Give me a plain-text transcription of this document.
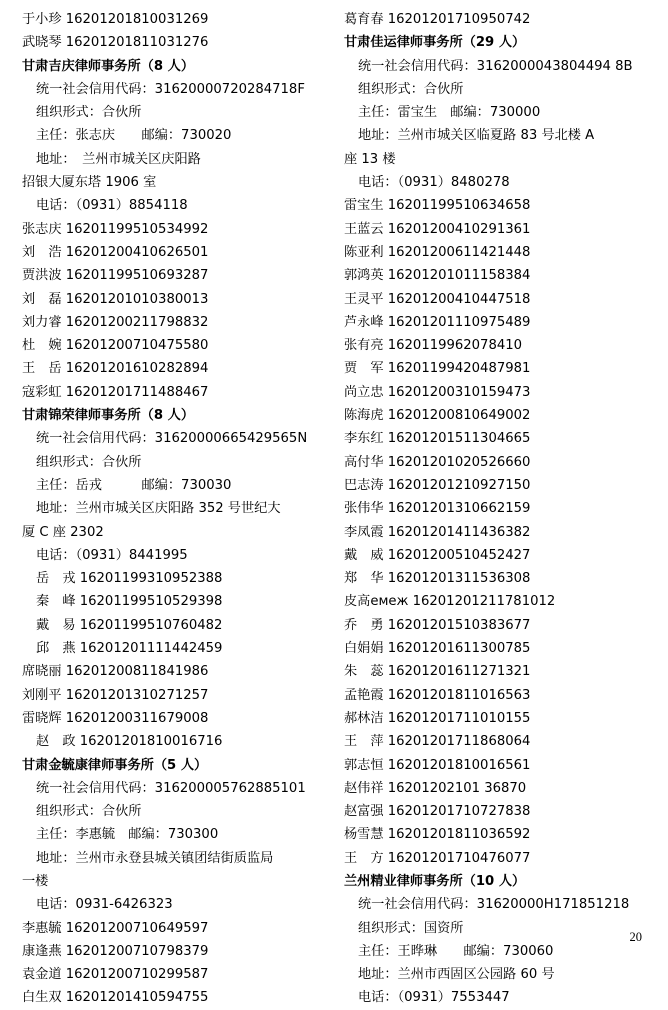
于小珍 16201201810031269
武晓琴 16201201811031276
甘肃吉庆律师事务所（8 人）
统一社会信用代码：31620000720284718F
组织形式：合伙所
主任：张志庆　　邮编：730020
地址：　兰州市城关区庆阳路
招银大厦东塔 1906 室
电话：（0931）8854118
张志庆 16201199510534992
刘　浩 16201200410626501
贾洪波 16201199510693287
刘　磊 16201201010380013
刘力睿 16201200211798832
杜　婉 16201200710475580
王　岳 16201201610282894
寇彩虹 16201201711488467
甘肃锦荣律师事务所（8 人）
统一社会信用代码：31620000665429565N
组织形式：合伙所
主任：岳戎　　　邮编：730030
地址：兰州市城关区庆阳路 352 号世纪大
厦 C 座 2302
电话：（0931）8441995
岳　戎 16201199310952388
秦　峰 16201199510529398
戴　易 16201199510760482
邱　燕 16201201111442459
席晓丽 16201200811841986
刘刚平 16201201310271257
雷晓辉 16201200311679008
赵　政 16201201810016716
甘肃金毓康律师事务所（5 人）
统一社会信用代码：316200005762885101
组织形式：合伙所
主任：李惠毓　邮编：730300
地址：兰州市永登县城关镇团结街质监局
一楼
电话：0931-6426323
李惠毓 16201200710649597
康逢燕 16201200710798379
袁金道 16201200710299587
白生双 16201201410594755
葛育春 16201201710950742
甘肃佳运律师事务所（29 人）
统一社会信用代码：3162000043804494 8B
组织形式：合伙所
主任：雷宝生　邮编：730000
地址：兰州市城关区临夏路 83 号北楼 A
座 13 楼
电话：（0931）8480278
雷宝生 16201199510634658
王蓝云 16201200410291361
陈亚利 16201200611421448
郭鸿英 16201201011158384
王灵平 16201200410447518
芦永峰 16201201110975489
张有亮 1620119962078410
贾　军 16201199420487981
尚立忠 16201200310159473
陈海虎 16201200810649002
李东红 16201201511304665
高付华 16201201020526660
巴志涛 16201201210927150
张伟华 16201201310662159
李凤霞 16201201411436382
戴　威 16201200510452427
郑　华 16201201311536308
皮高емеж 16201201211781012
乔　勇 16201201510383677
白娟娟 16201201611300785
朱　蕊 16201201611271321
孟艳霞 16201201811016563
郝林洁 16201201711010155
王　萍 16201201711868064
郭志恒 16201201810016561
赵伟祥 16201202101 36870
赵富强 16201201710727838
杨雪慧 16201201811036592
王　方 16201201710476077
兰州精业律师事务所（10 人）
统一社会信用代码：31620000H171851218
组织形式：国资所
主任：王晔琳　　邮编：730060
地址：兰州市西固区公园路 60 号
电话：（0931）7553447
20
